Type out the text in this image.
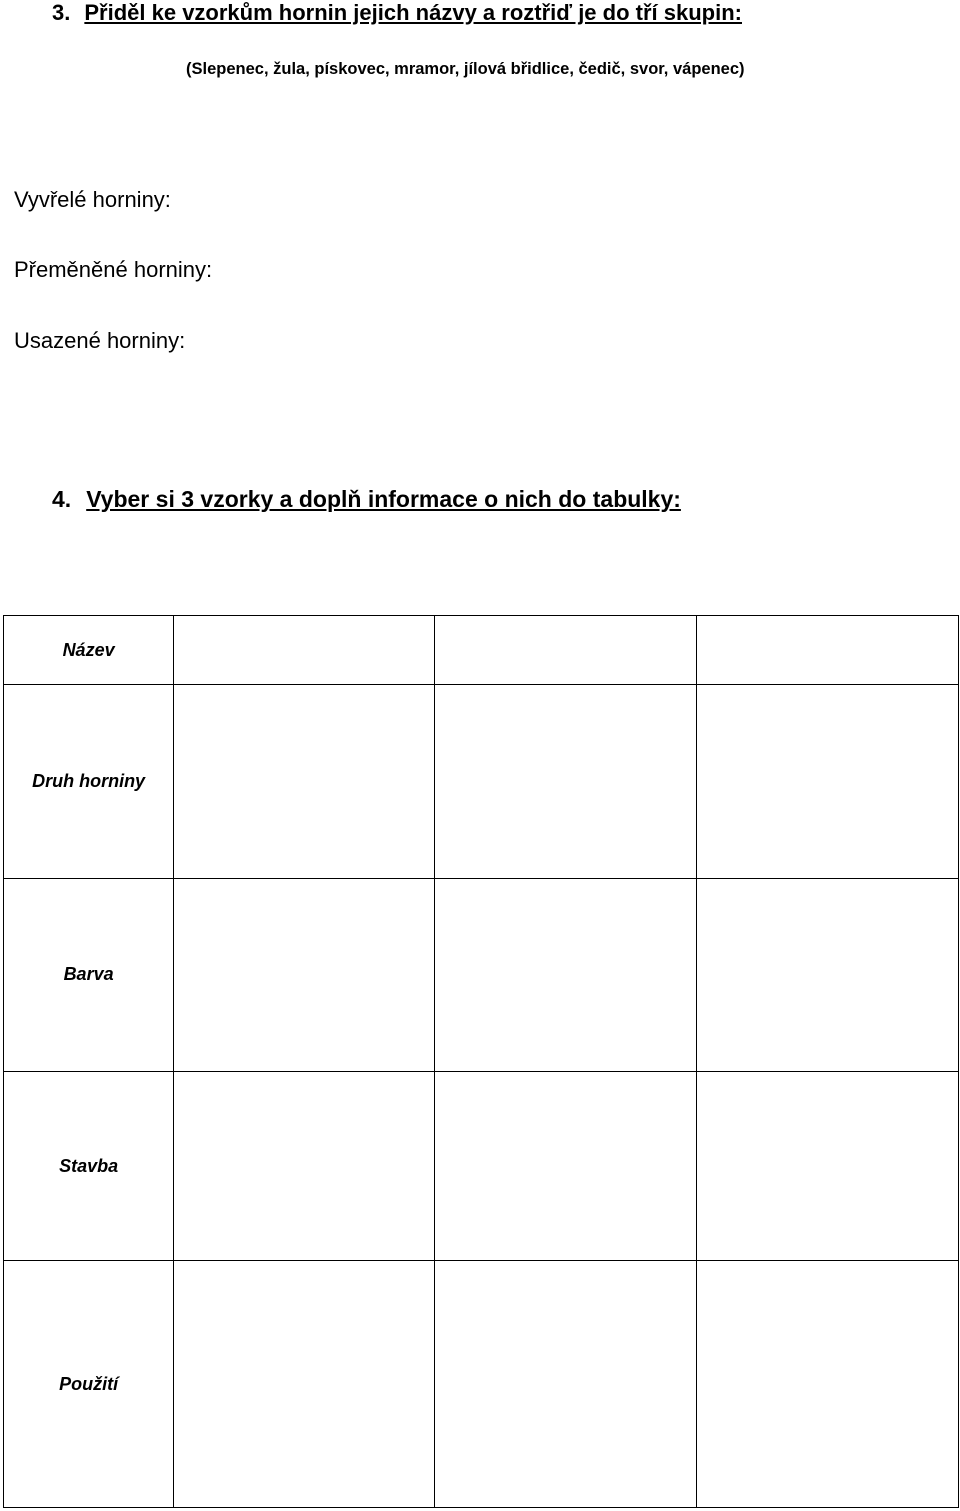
3. Přiděl ke vzorkům hornin jejich názvy a roztřiď je do tří skupin:
(Slepenec, žula, pískovec, mramor, jílová břidlice, čedič, svor, vápenec)
Vyvřelé horniny:
Přeměněné horniny:
Usazené horniny:
4. Vyber si 3 vzorky a doplň informace o nich do tabulky:
Název			
Druh horniny			
Barva			
Stavba			
Použití			
